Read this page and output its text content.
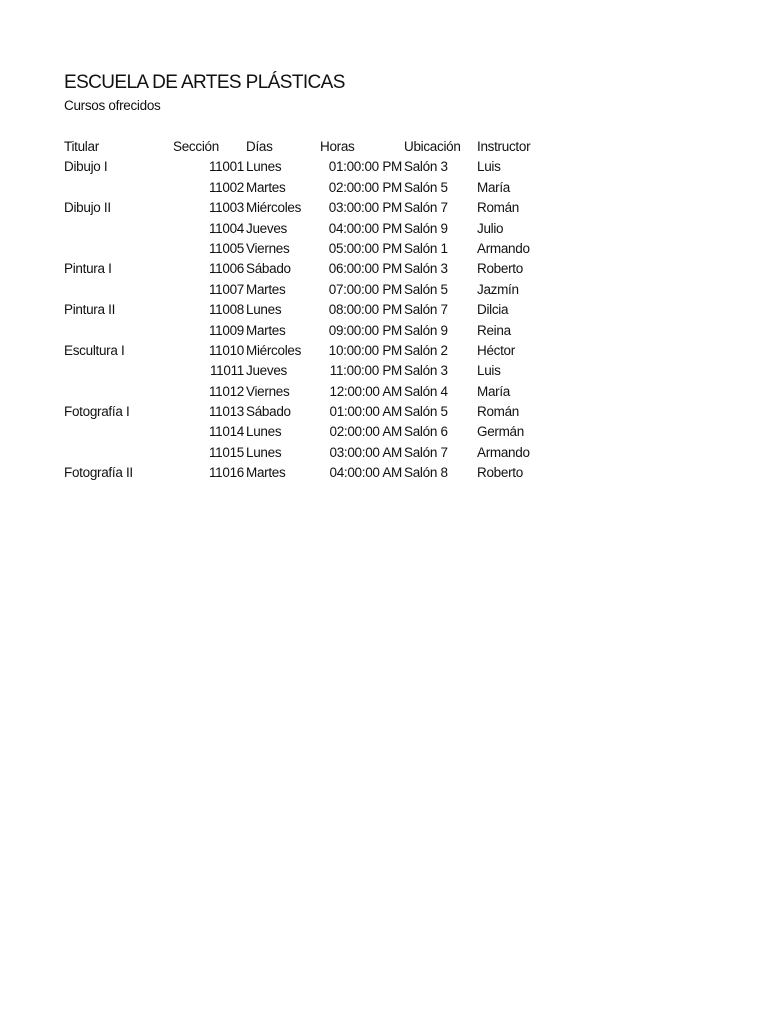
ESCUELA DE ARTES PLÁSTICAS
Cursos ofrecidos
Titular	Sección Días	Horas	Ubicación Instructor
Dibujo I	11001 Lunes	01:00:00 PM Salón 3 Luis
11002 Martes	02:00:00 PM Salón 5 María
Dibujo II	11003 Miércoles 03:00:00 PM Salón 7 Román
11004 Jueves	04:00:00 PM Salón 9 Julio
11005 Viernes	05:00:00 PM Salón 1 Armando
Pintura I	11006 Sábado	06:00:00 PM Salón 3 Roberto
11007 Martes	07:00:00 PM Salón 5 Jazmín
Pintura II	11008 Lunes	08:00:00 PM Salón 7 Dilcia
11009 Martes	09:00:00 PM Salón 9 Reina
Escultura I	11010 Miércoles 10:00:00 PM Salón 2 Héctor
11011 Jueves	11:00:00 PM Salón 3 Luis
11012 Viernes	12:00:00 AM Salón 4 María
Fotografía I	11013 Sábado	01:00:00 AM Salón 5 Román
11014 Lunes	02:00:00 AM Salón 6 Germán
11015 Lunes	03:00:00 AM Salón 7 Armando
Fotografía II	11016 Martes	04:00:00 AM Salón 8 Roberto
